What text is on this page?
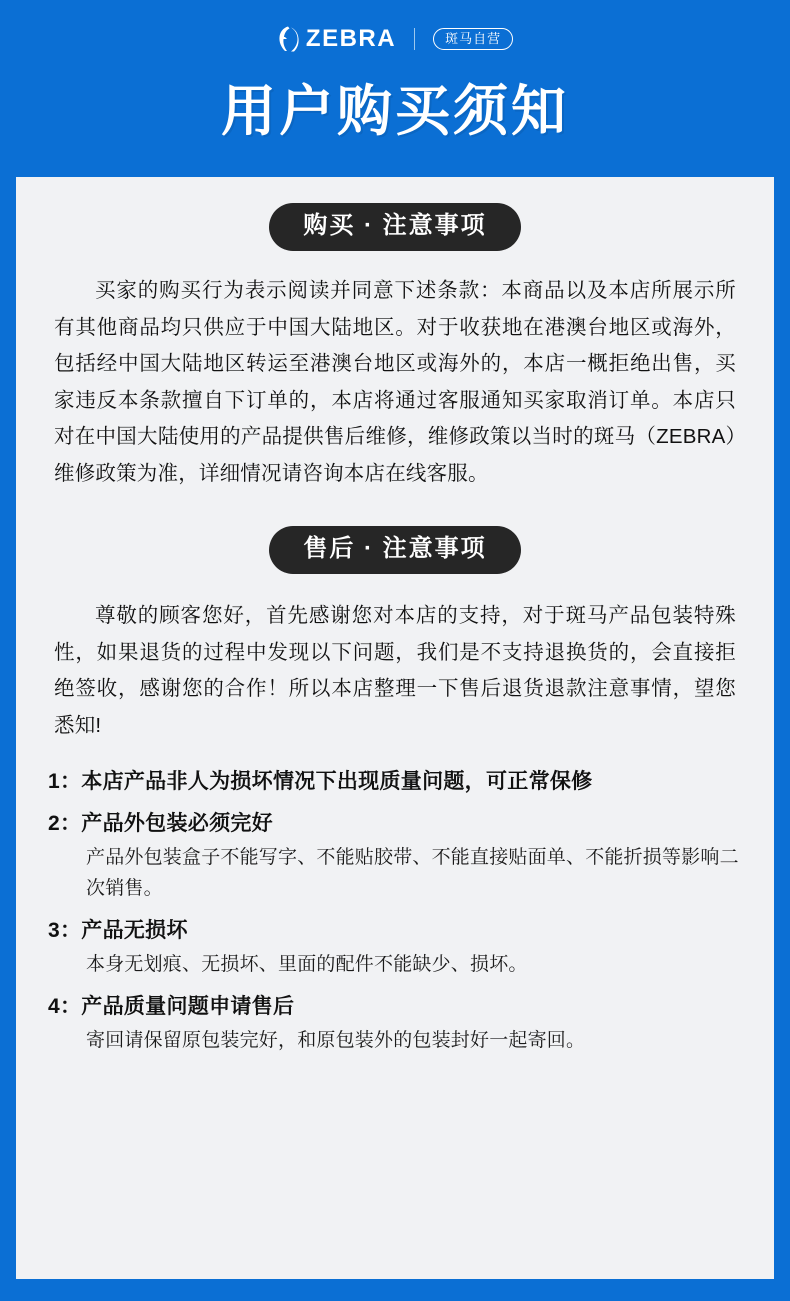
ZEBRA	斑马自营
用户购买须知
购买 · 注意事项

买家的购买行为表示阅读并同意下述条款：本商品以及本店所展示所有其他商品均只供应于中国大陆地区。对于收获地在港澳台地区或海外，包括经中国大陆地区转运至港澳台地区或海外的，本店一概拒绝出售，买家违反本条款擅自下订单的，本店将通过客服通知买家取消订单。本店只对在中国大陆使用的产品提供售后维修，维修政策以当时的斑马（ZEBRA）维修政策为准，详细情况请咨询本店在线客服。

售后 · 注意事项

尊敬的顾客您好，首先感谢您对本店的支持，对于斑马产品包装特殊性，如果退货的过程中发现以下问题，我们是不支持退换货的，会直接拒绝签收，感谢您的合作！所以本店整理一下售后退货退款注意事情，望您悉知!

1：本店产品非人为损坏情况下出现质量问题，可正常保修
2：产品外包装必须完好
产品外包装盒子不能写字、不能贴胶带、不能直接贴面单、不能折损等影响二次销售。
3：产品无损坏
本身无划痕、无损坏、里面的配件不能缺少、损坏。
4：产品质量问题申请售后
寄回请保留原包装完好，和原包装外的包装封好一起寄回。
